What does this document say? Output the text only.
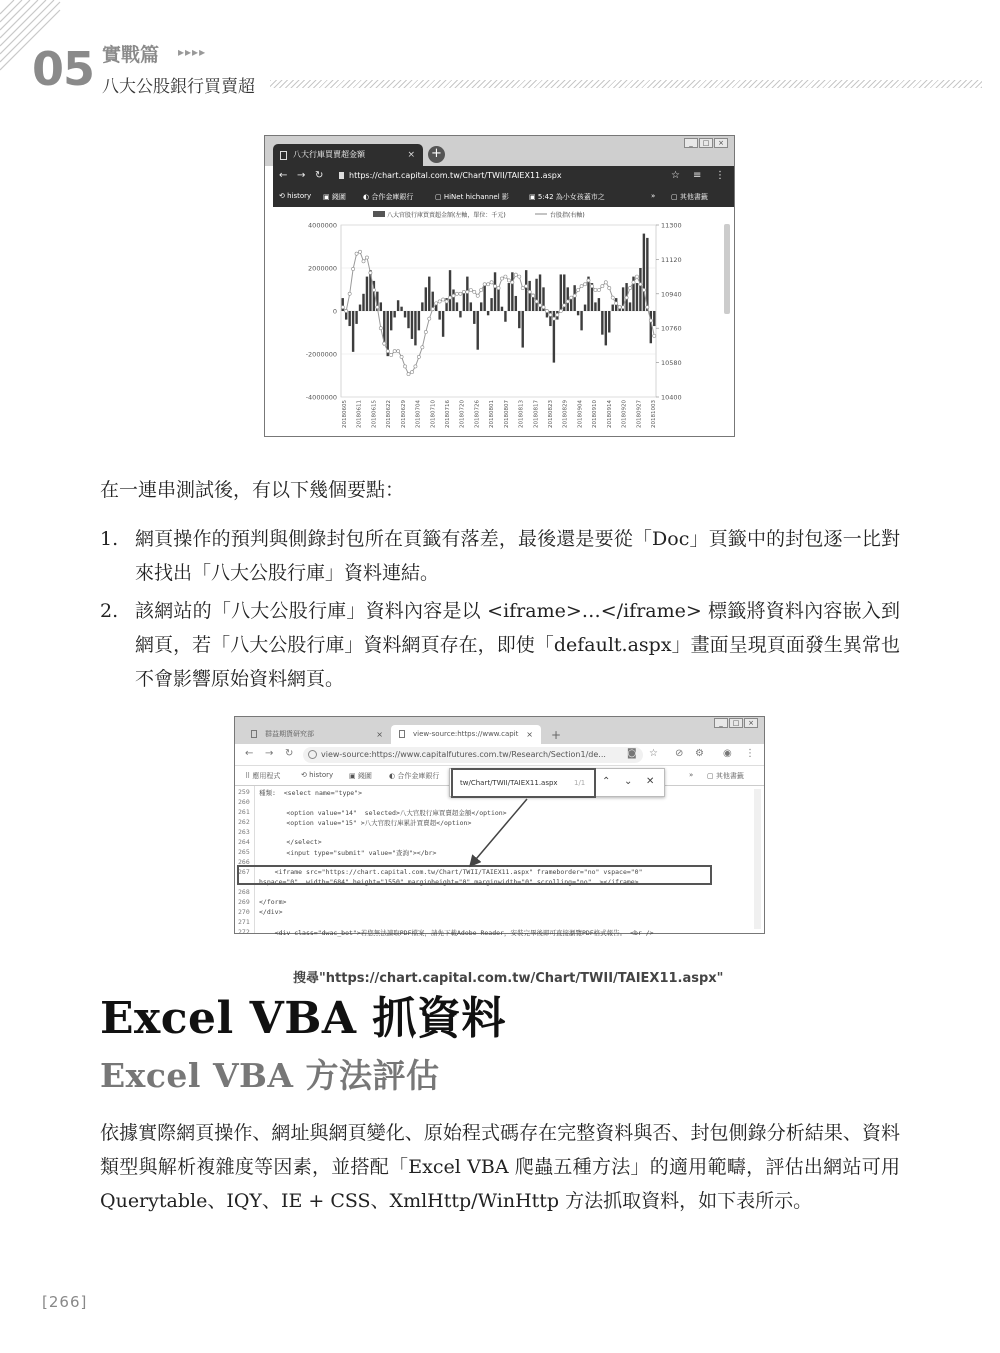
05 實戰篇 ▸▸▸▸
八大公股銀行買賣超
_	□	×
八大行庫買賣超金額	× +
← → ↻	https://chart.capital.com.tw/Chart/TWII/TAIEX11.aspx	☆ ≡ ⋮
⟲ history ▣ 錢圖 ◐ 合作金庫銀行	▢ HiNet hichannel 影	▣ 5:42 為小女孩蓋市之	» ▢ 其他書籤
4000000
2000000
0
-2000000
-4000000
11300
11120
10940
10760
10580
10400
八大官股行庫買賣超金額(左軸，單位：千元)	台股指(右軸)
20180605 20180611 20180615 20180622 20180629 20180704 20180710 20180716 20180720 20180726 20180801 20180807 20180813 20180817 20180823 20180829 20180904 20180910 20180914 20180920 20180927 20181003
在一連串測試後，有以下幾個要點：
1. 網頁操作的預判與側錄封包所在頁籤有落差，最後還是要從「Doc」頁籤中的封包逐一比對來找出「八大公股行庫」資料連結。
2. 該網站的「八大公股行庫」資料內容是以 <iframe>…</iframe> 標籤將資料內容嵌入到網頁，若「八大公股行庫」資料網頁存在，即使「default.aspx」畫面呈現頁面發生異常也不會影響原始資料網頁。
_	□	×
群益期貨研究部	×	view-source:https://www.capit × +
← → ↻	view-source:https://www.capitalfutures.com.tw/Research/Section1/de...	◙ ☆ ⊘ ⚙ ◉ ⋮
⠿ 應用程式	⟲ history ▣ 錢圖 ◐ 合作金庫銀行	» ▢ 其他書籤
259 種類:  <select name="type">
260
261 <option value="14"  selected>八大官股行庫買賣超金額</option>
262 <option value="15" >八大官股行庫累計買賣超</option>
263
264 </select>
265 <input type="submit" value="查詢"></br>
266
267 <iframe src="https://chart.capital.com.tw/Chart/TWII/TAIEX11.aspx" frameborder="no" vspace="0"
hspace="0"  width="684" height="1550" marginheight="0" marginwidth="0" scrolling="no"  ></iframe>
268
269 </form>
270 </div>
271
272 <div class="dwac_bot">若您無法讀取PDF檔案，請先下載Adobe Reader，安裝完畢後即可直接瀏覽PDF格式報告。 <br />
搜尋"https://chart.capital.com.tw/Chart/TWII/TAIEX11.aspx"
tw/Chart/TWII/TAIEX11.aspx 1/1 ⌃ ⌄ ✕
Excel VBA 抓資料
Excel VBA 方法評估
依據實際網頁操作、網址與網頁變化、原始程式碼存在完整資料與否、封包側錄分析結果、資料類型與解析複雜度等因素，並搭配「Excel VBA 爬蟲五種方法」的適用範疇，評估出網站可用 Querytable、IQY、IE + CSS、XmlHttp/WinHttp 方法抓取資料，如下表所示。
[266]
